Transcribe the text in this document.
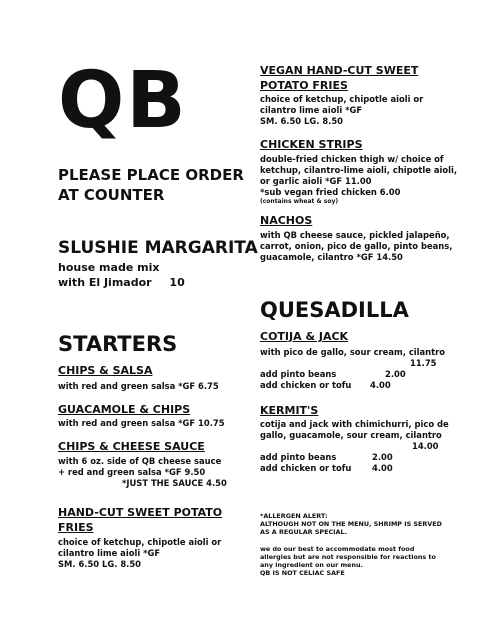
QB
PLEASE PLACE ORDER AT COUNTER
SLUSHIE MARGARITA
house made mix
with El Jimador 10
STARTERS
CHIPS & SALSA
with red and green salsa *GF 6.75
GUACAMOLE & CHIPS
with red and green salsa *GF 10.75
CHIPS & CHEESE SAUCE
with 6 oz. side of QB cheese sauce
+ red and green salsa *GF 9.50
*JUST THE SAUCE 4.50
HAND-CUT SWEET POTATO
FRIES
choice of ketchup, chipotle aioli or
cilantro lime aioli *GF
SM. 6.50 LG. 8.50
VEGAN HAND-CUT SWEET
POTATO FRIES
choice of ketchup, chipotle aioli or
cilantro lime aioli *GF
SM. 6.50 LG. 8.50
CHICKEN STRIPS
double-fried chicken thigh w/ choice of
ketchup, cilantro-lime aioli, chipotle aioli,
or garlic aioli *GF 11.00
*sub vegan fried chicken 6.00
(contains wheat & soy)
NACHOS
with QB cheese sauce, pickled jalapeño,
carrot, onion, pico de gallo, pinto beans,
guacamole, cilantro *GF 14.50
QUESADILLA
COTIJA & JACK
with pico de gallo, sour cream, cilantro
11.75
add pinto beans	2.00
add chicken or tofu	4.00
KERMIT'S
cotija and jack with chimichurri, pico de
gallo, guacamole, sour cream, cilantro
14.00
add pinto beans	2.00
add chicken or tofu	4.00
*ALLERGEN ALERT:
ALTHOUGH NOT ON THE MENU, SHRIMP IS SERVED
AS A REGULAR SPECIAL.
we do our best to accommodate most food
allergies but are not responsible for reactions to
any ingredient on our menu.
QB IS NOT CELIAC SAFE
